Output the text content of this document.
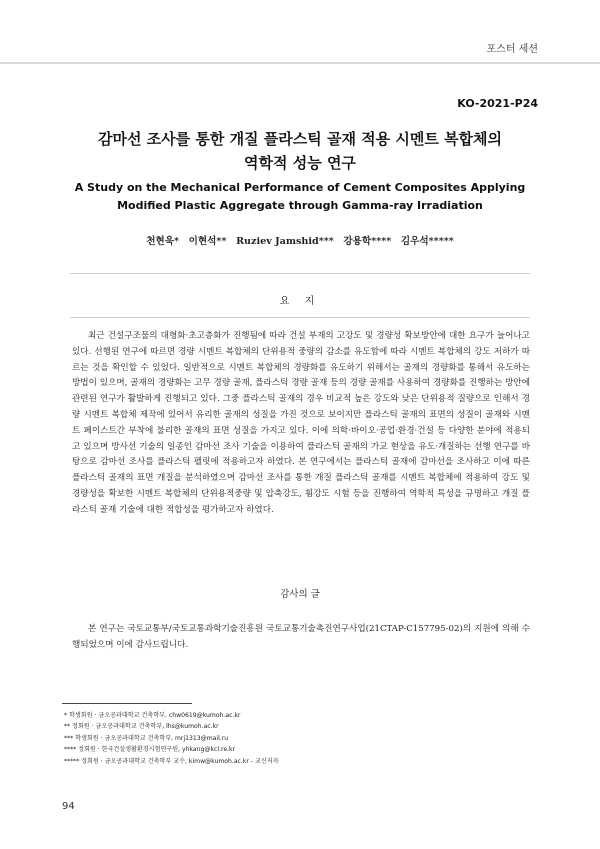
포스터 세션
KO-2021-P24
감마선 조사를 통한 개질 플라스틱 골재 적용 시멘트 복합체의
역학적 성능 연구
A Study on the Mechanical Performance of Cement Composites Applying
Modified Plastic Aggregate through Gamma-ray Irradiation
천현욱*　이현석**　Ruziev Jamshid***　강용학****　김우석*****
요 지
최근 건설구조물의 대형화·초고층화가 진행됨에 따라 건설 부재의 고강도 및 경량성 확보방안에 대한 요구가 늘어나고 있다. 선행된 연구에 따르면 경량 시멘트 복합체의 단위용적 중량의 감소를 유도함에 따라 시멘트 복합체의 강도 저하가 따르는 것을 확인할 수 있었다. 일반적으로 시멘트 복합체의 경량화를 유도하기 위해서는 골재의 경량화를 통해서 유도하는 방법이 있으며, 골재의 경량화는 고무 경량 골재, 플라스틱 경량 골재 등의 경량 골재를 사용하여 경량화를 진행하는 방안에 관련된 연구가 활발하게 진행되고 있다. 그중 플라스틱 골재의 경우 비교적 높은 강도와 낮은 단위용적 질량으로 인해서 경량 시멘트 복합체 제작에 있어서 유리한 골재의 성질을 가진 것으로 보이지만 플라스틱 골재의 표면의 성질이 골재와 시멘트 페이스트간 부착에 불리한 골재의 표면 성질을 가지고 있다. 이에 의학·바이오·공업·환경·건설 등 다양한 분야에 적용되고 있으며 방사선 기술의 일종인 감마선 조사 기술을 이용하여 플라스틱 골재의 가교 현상을 유도·개질하는 선행 연구를 바탕으로 감마선 조사를 플라스틱 펠릿에 적용하고자 하였다. 본 연구에서는 플라스틱 골재에 감마선을 조사하고 이에 따른 플라스틱 골재의 표면 개질을 분석하였으며 감마선 조사를 통한 개질 플라스틱 골재를 시멘트 복합체에 적용하여 강도 및 경량성을 확보한 시멘트 복합체의 단위용적중량 및 압축강도, 휨강도 시험 등을 진행하여 역학적 특성을 규명하고 개질 플라스틱 골재 기술에 대한 적합성을 평가하고자 하였다.
감사의 글
본 연구는 국토교통부/국토교통과학기술진흥원 국토교통기술촉진연구사업(21CTAP-C157795-02)의 지원에 의해 수행되었으며 이에 감사드립니다.
* 학생회원 · 금오공과대학교 건축학부, chw0619@kumoh.ac.kr
** 정회원 · 금오공과대학교 건축학부, lhs@kumoh.ac.kr
*** 학생회원 · 금오공과대학교 건축학부, mrj1313@mail.ru
**** 정회원 · 한국건설생활환경시험연구원, yhkang@kcl.re.kr
***** 정회원 · 금오공과대학교 건축학부 교수, kimw@kumoh.ac.kr - 교신저자
94
